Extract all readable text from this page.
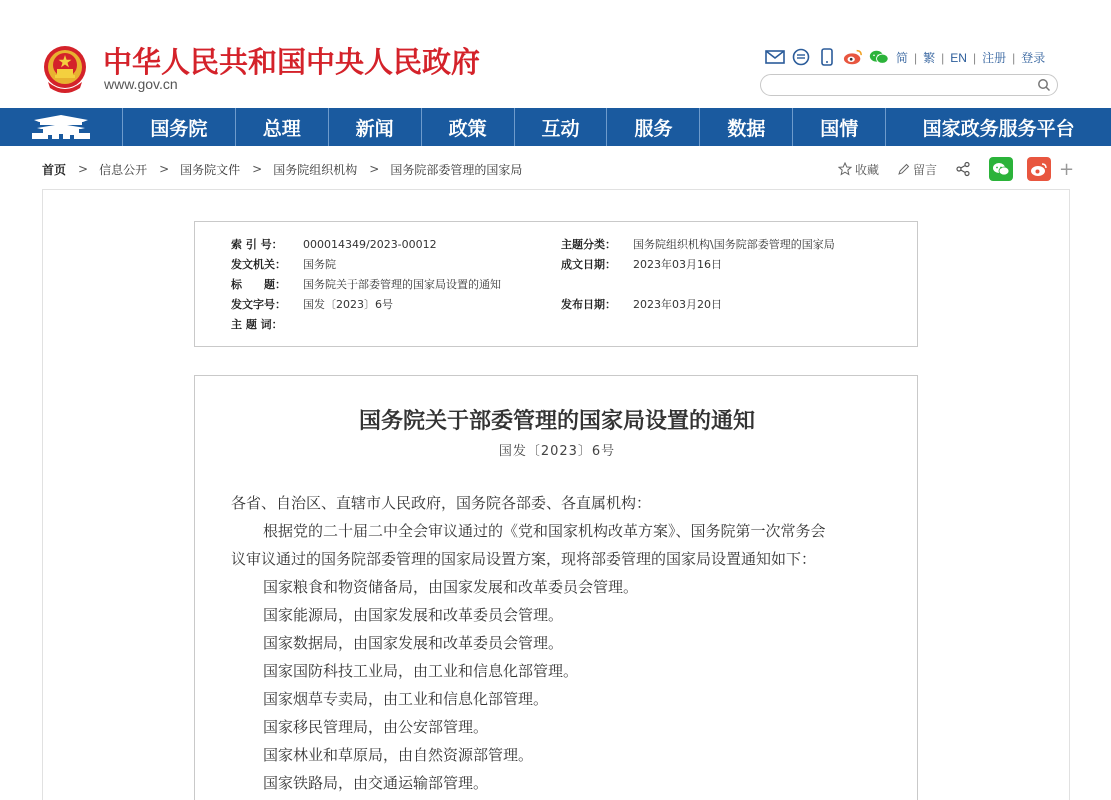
中华人民共和国中央人民政府
www.gov.cn
简 | 繁 | EN | 注册 | 登录
国务院	总理	新闻	政策	互动	服务	数据	国情	国家政务服务平台
首页 > 信息公开 > 国务院文件 > 国务院组织机构 > 国务院部委管理的国家局	收藏	留言	+
索 引 号：	000014349/2023-00012	主题分类：	国务院组织机构\国务院部委管理的国家局
发文机关：	国务院	成文日期：	2023年03月16日
标　　题：	国务院关于部委管理的国家局设置的通知
发文字号：	国发〔2023〕6号	发布日期：	2023年03月20日
主 题 词：
国务院关于部委管理的国家局设置的通知
国发〔2023〕6号
各省、自治区、直辖市人民政府，国务院各部委、各直属机构：
根据党的二十届二中全会审议通过的《党和国家机构改革方案》、国务院第一次常务会
议审议通过的国务院部委管理的国家局设置方案，现将部委管理的国家局设置通知如下：
国家粮食和物资储备局，由国家发展和改革委员会管理。
国家能源局，由国家发展和改革委员会管理。
国家数据局，由国家发展和改革委员会管理。
国家国防科技工业局，由工业和信息化部管理。
国家烟草专卖局，由工业和信息化部管理。
国家移民管理局，由公安部管理。
国家林业和草原局，由自然资源部管理。
国家铁路局，由交通运输部管理。
